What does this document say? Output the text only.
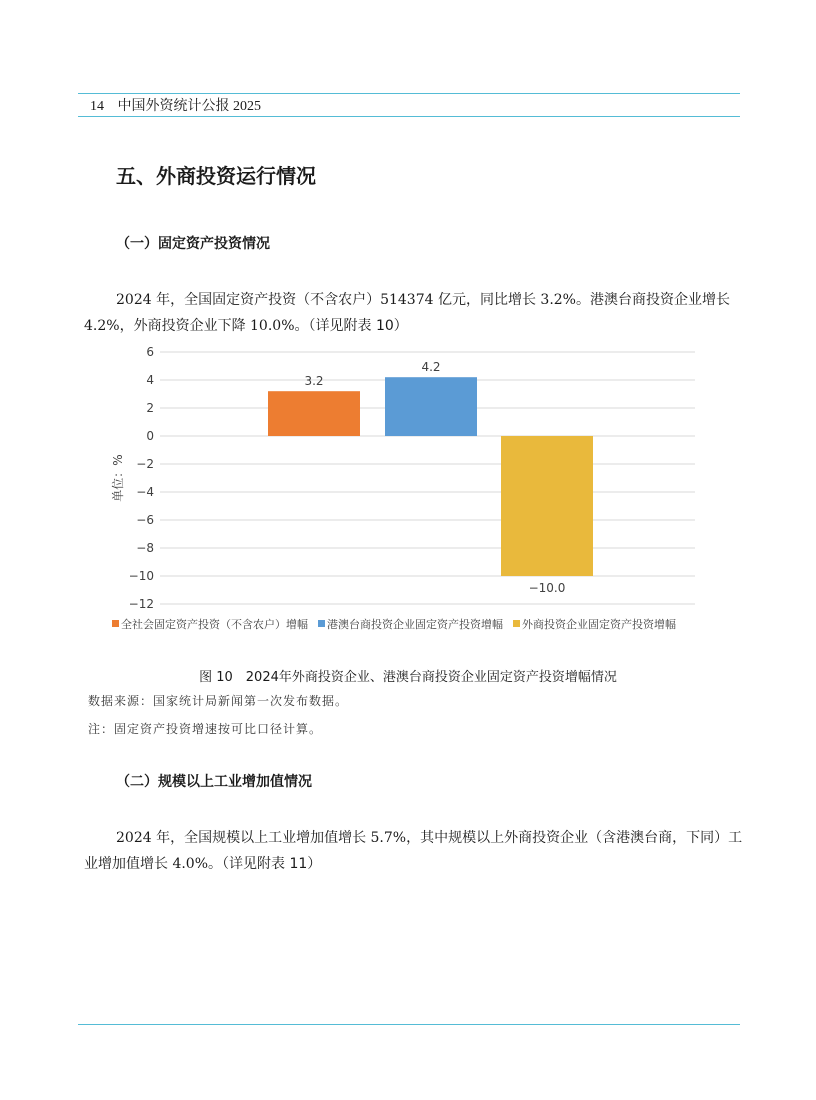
14 中国外资统计公报 2025
五、外商投资运行情况
（一）固定资产投资情况
2024 年，全国固定资产投资（不含农户）514374 亿元，同比增长 3.2%。港澳台商投资企业增长 4.2%，外商投资企业下降 10.0%。（详见附表 10）
6
4
2
0
−2
−4
−6
−8
−10
−12
单位：%
3.2
4.2
−10.0
全社会固定资产投资（不含农户）增幅 港澳台商投资企业固定资产投资增幅 外商投资企业固定资产投资增幅
图 10　2024年外商投资企业、港澳台商投资企业固定资产投资增幅情况
数据来源：国家统计局新闻第一次发布数据。
注：固定资产投资增速按可比口径计算。
（二）规模以上工业增加值情况
2024 年，全国规模以上工业增加值增长 5.7%，其中规模以上外商投资企业（含港澳台商，下同）工业增加值增长 4.0%。（详见附表 11）
